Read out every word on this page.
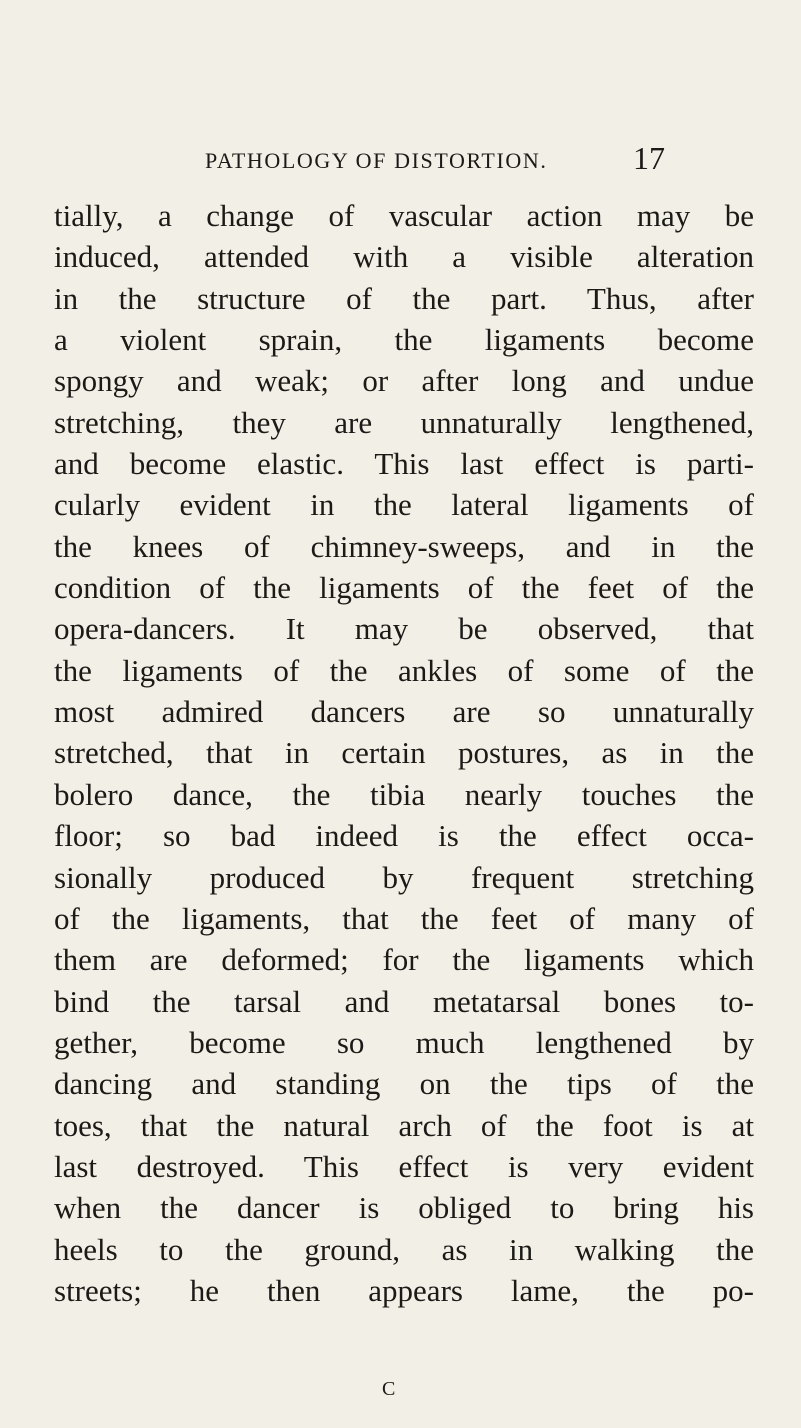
PATHOLOGY OF DISTORTION.	17
tially, a change of vascular action may be
induced, attended with a visible alteration
in the structure of the part. Thus, after
a violent sprain, the ligaments become
spongy and weak; or after long and undue
stretching, they are unnaturally lengthened,
and become elastic. This last effect is parti-
cularly evident in the lateral ligaments of
the knees of chimney-sweeps, and in the
condition of the ligaments of the feet of the
opera-dancers. It may be observed, that
the ligaments of the ankles of some of the
most admired dancers are so unnaturally
stretched, that in certain postures, as in the
bolero dance, the tibia nearly touches the
floor; so bad indeed is the effect occa-
sionally produced by frequent stretching
of the ligaments, that the feet of many of
them are deformed; for the ligaments which
bind the tarsal and metatarsal bones to-
gether, become so much lengthened by
dancing and standing on the tips of the
toes, that the natural arch of the foot is at
last destroyed. This effect is very evident
when the dancer is obliged to bring his
heels to the ground, as in walking the
streets; he then appears lame, the po-
C
